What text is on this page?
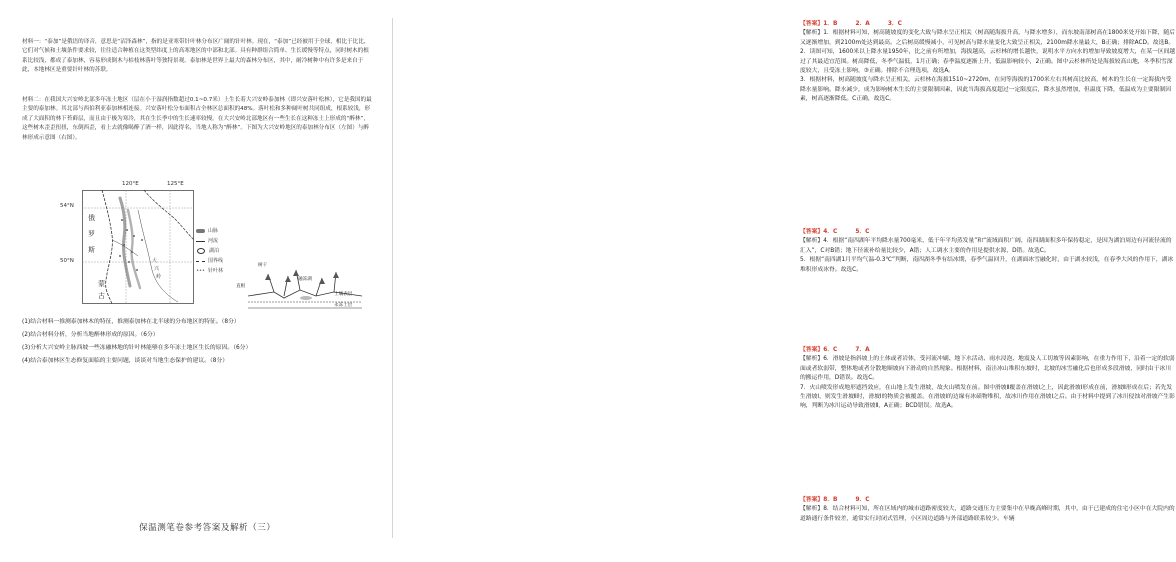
材料一：“泰加”是俄语的译音，意思是“沼泽森林”，指的是亚寒带针叶林分布区广阔的针叶林。现在，“泰加”已经被用于全球，相比于比比，它们对气候和土壤条件要求较，往往适合种植在这类型纬度上的高寒地区的中部和北部。具有种群组合简单、生长缓慢等特点，同时树木的根系比较浅，都成了泰加林，容易形成倒木与枯枝林落叶等独特景观。泰加林是世界上最大的森林分布区，其中，耐冷树种中有许多是来自于此，本地林区是重要针叶林的苏联。

材料二：在我国大兴安岭北部多年冻土地区（层在小于湿润指数超过0.1~0.7米）上生长着大兴安岭泰加林（即兴安落叶松林），它是我国的最主要的泰加林。其北部与西伯利亚泰加林相连接。兴安落叶松分布面积占全林区总面积的48%。落叶松和多种阔叶树共同组成，根系较浅，形成了大面积的林下苔藓层，而且由于极为寒冷，其在生长季中的生长速率较慢。在大兴安岭北部地区有一些生长在这种冻土上形成的“醉林”，这些树木歪歪扭扭，东倒西歪，看上去就像喝醉了酒一样，因此得名，当地人称为“醉林”。下图为大兴安岭地区的泰加林分布区（左图）与醉林形成示意图（右图）。

120°E	125°E
54°N
50°N
俄
罗
斯
蒙
古
大
兴
岭
山脉
河流
湖泊
国界线
••• 针叶林
树干
直根
融冻湖
土壤表层
永冻土层

(1)结合材料一推测泰加林木的特征，推测泰加林在北半球的分布地区的特征。（8分）

(2)结合材料分析，分析当地醉林形成的原因。（6分）

(3)分析大兴安岭主脉西坡一些冻融林地的针叶林能够在多年冻土地区生长的原因。（6分）

(4)结合泰加林区生态修复面临的主要问题，谈谈对当地生态保护的建议。（8分）

保温测笔卷参考答案及解析（三）
【答案】1．B	2．A	3．C

【解析】1．根据材料可知，树高随坡度的变化大致与降水呈正相关（树高随海拔升高，与降水增多），而东坡南部树高在1800米处开始下降，随后又逐渐增加，到2100m处达到最高。之后树高缓慢减小，可见树高与降水量变化大致呈正相关，2100m降水量最大，B正确；排除ACD。故选B。

2．读图可知，1600米以上降水量1950年，比之前有所增加，海拔越高，云杉林的增长越快，说明水平方向水的增加导致坡度增大，在某一区间越过了其最适宜范围。树高降低，冬季气温低，1月正确；春季温度逐渐上升，低温影响较小，2正确。图中云杉林所处是海拔较高山地，冬季积雪深度较大，且受冻土影响，③正确。排除不合理选项，故选A。

3．根据材料，树高随坡度与降水呈正相关，云杉林在海拔1510~2720m，在同等海拔的1700米左右其树高比较高，树木的生长在一定海拔内受降水量影响。降水减少，成为影响树木生长的主要限制因素，因此当海拔高度超过一定限度后，降水虽然增加，但温度下降，低温成为主要限制因素，树高逐渐降低。C正确，故选C。

【答案】4．C	5．C

【解析】4．根据“南四湖年平均降水量700毫米，低于年平均蒸发量”和“流域面积广阔，南四湖面积多年保持稳定，是因为湖泊周边有河流径流的汇入”，C对B错；地下径流补给量比较少，A错；人工调水主要的作用是提供水源，D错。故选C。

5．根据“南四湖1月平均气温-0.3℃”判断，南四湖冬季有结冰期，春季气温回升，在湖面冰雪融化时，由于湖水较浅，在春季大风的作用下，湖冰堆积形成冰脊。故选C。

【答案】6．C	7．A

【解析】6．滑坡是指斜坡上的土体或者岩体，受河流冲刷、地下水活动、雨水浸泡、地震及人工切坡等因素影响，在重力作用下，沿着一定的软弱面或者软弱带，整体地或者分散地顺坡向下滑动的自然现象。根据材料，南洼冰山堆积东坡时，北坡的冰雪融化后也形成多段滑坡，同时由于冰川的搬运作用，D错误。故选C。

7．火山喷发形成地形遮挡效应，在山地上发生滑坡，故火山喷发在前。图中滑坡Ⅱ覆盖在滑坡Ⅰ之上，因此滑坡Ⅰ形成在前，滑坡Ⅱ形成在后；若先发生滑坡Ⅰ，则发生滑坡Ⅱ时，滑坡Ⅰ的物质会被覆盖。在滑坡Ⅰ的边缘有冰碛物堆积，故冰川作用在滑坡Ⅰ之后。由于材料中提到了冰川侵蚀对滑坡产生影响，判断为冰川运动导致滑坡Ⅱ，A正确；BCD错误。故选A。

【答案】8．B	9．C

【解析】8．结合材料可知，所在区域内的城市道路密度较大，道路交通压力主要集中在早晚高峰时期，其中，由于已建成的住宅小区中在大院内的道路通行条件较差，通常实行封闭式管理，小区周边道路与外部道路联系较少。车辆
